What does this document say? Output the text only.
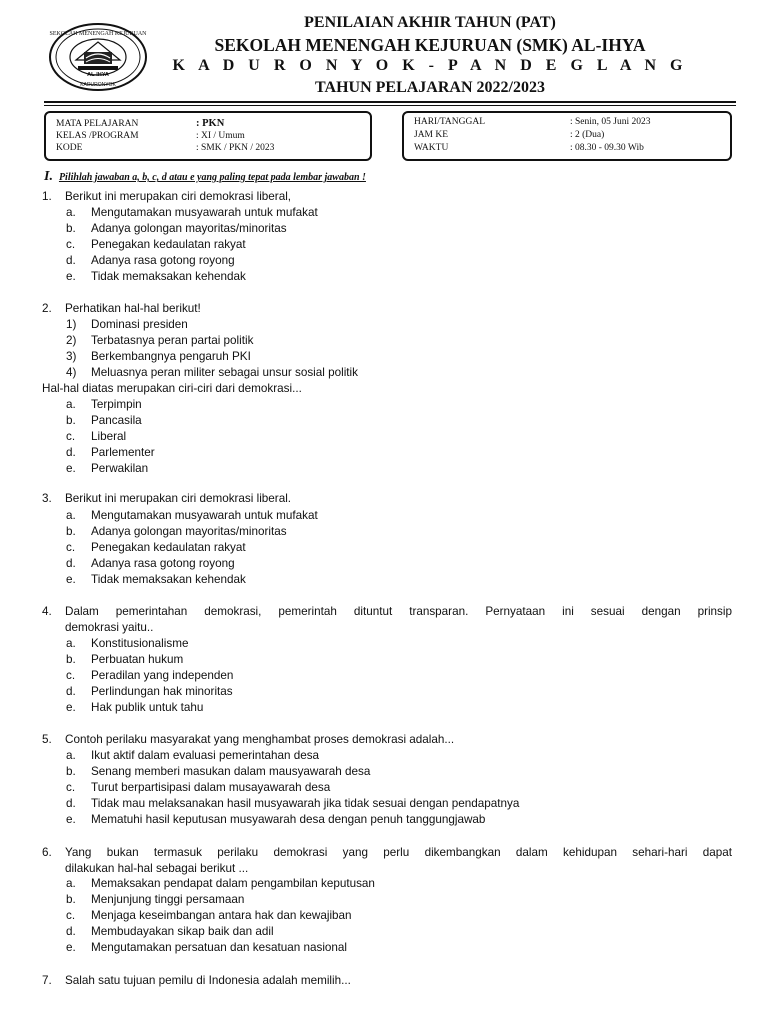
SEKOLAH MENENGAH KEJURUAN
AL-IHYA
KADURONYOK
PENILAIAN AKHIR TAHUN (PAT)
SEKOLAH MENENGAH KEJURUAN (SMK) AL-IHYA
K A D U R O N Y O K - P A N D E G L A N G
TAHUN PELAJARAN 2022/2023
MATA PELAJARAN	: PKN
KELAS /PROGRAM	: XI / Umum
KODE	: SMK / PKN / 2023
HARI/TANGGAL	: Senin, 05 Juni 2023
JAM KE	: 2 (Dua)
WAKTU	: 08.30 - 09.30 Wib
I. Pilihlah jawaban a, b, c, d atau e yang paling tepat pada lembar jawaban !
1.	Berikut ini merupakan ciri demokrasi liberal,
a. Mengutamakan musyawarah untuk mufakat
b. Adanya golongan mayoritas/minoritas
c. Penegakan kedaulatan rakyat
d. Adanya rasa gotong royong
e. Tidak memaksakan kehendak
2.	Perhatikan hal-hal berikut!
1) Dominasi presiden
2) Terbatasnya peran partai politik
3) Berkembangnya pengaruh PKI
4) Meluasnya peran militer sebagai unsur sosial politik
Hal-hal diatas merupakan ciri-ciri dari demokrasi...
a. Terpimpin
b. Pancasila
c. Liberal
d. Parlementer
e. Perwakilan
3.	Berikut ini merupakan ciri demokrasi liberal.
a. Mengutamakan musyawarah untuk mufakat
b. Adanya golongan mayoritas/minoritas
c. Penegakan kedaulatan rakyat
d. Adanya rasa gotong royong
e. Tidak memaksakan kehendak
4.	Dalam pemerintahan demokrasi, pemerintah dituntut transparan. Pernyataan ini sesuai dengan prinsip
demokrasi yaitu..
a. Konstitusionalisme
b. Perbuatan hukum
c. Peradilan yang independen
d. Perlindungan hak minoritas
e. Hak publik untuk tahu
5.	Contoh perilaku masyarakat yang menghambat proses demokrasi adalah...
a. Ikut aktif dalam evaluasi pemerintahan desa
b. Senang memberi masukan dalam mausyawarah desa
c. Turut berpartisipasi dalam musayawarah desa
d. Tidak mau melaksanakan hasil musyawarah jika tidak sesuai dengan pendapatnya
e. Mematuhi hasil keputusan musyawarah desa dengan penuh tanggungjawab
6.	Yang bukan termasuk perilaku demokrasi yang perlu dikembangkan dalam kehidupan sehari-hari dapat
dilakukan hal-hal sebagai berikut ...
a. Memaksakan pendapat dalam pengambilan keputusan
b. Menjunjung tinggi persamaan
c. Menjaga keseimbangan antara hak dan kewajiban
d. Membudayakan sikap baik dan adil
e. Mengutamakan persatuan dan kesatuan nasional
7.	Salah satu tujuan pemilu di Indonesia adalah memilih...
